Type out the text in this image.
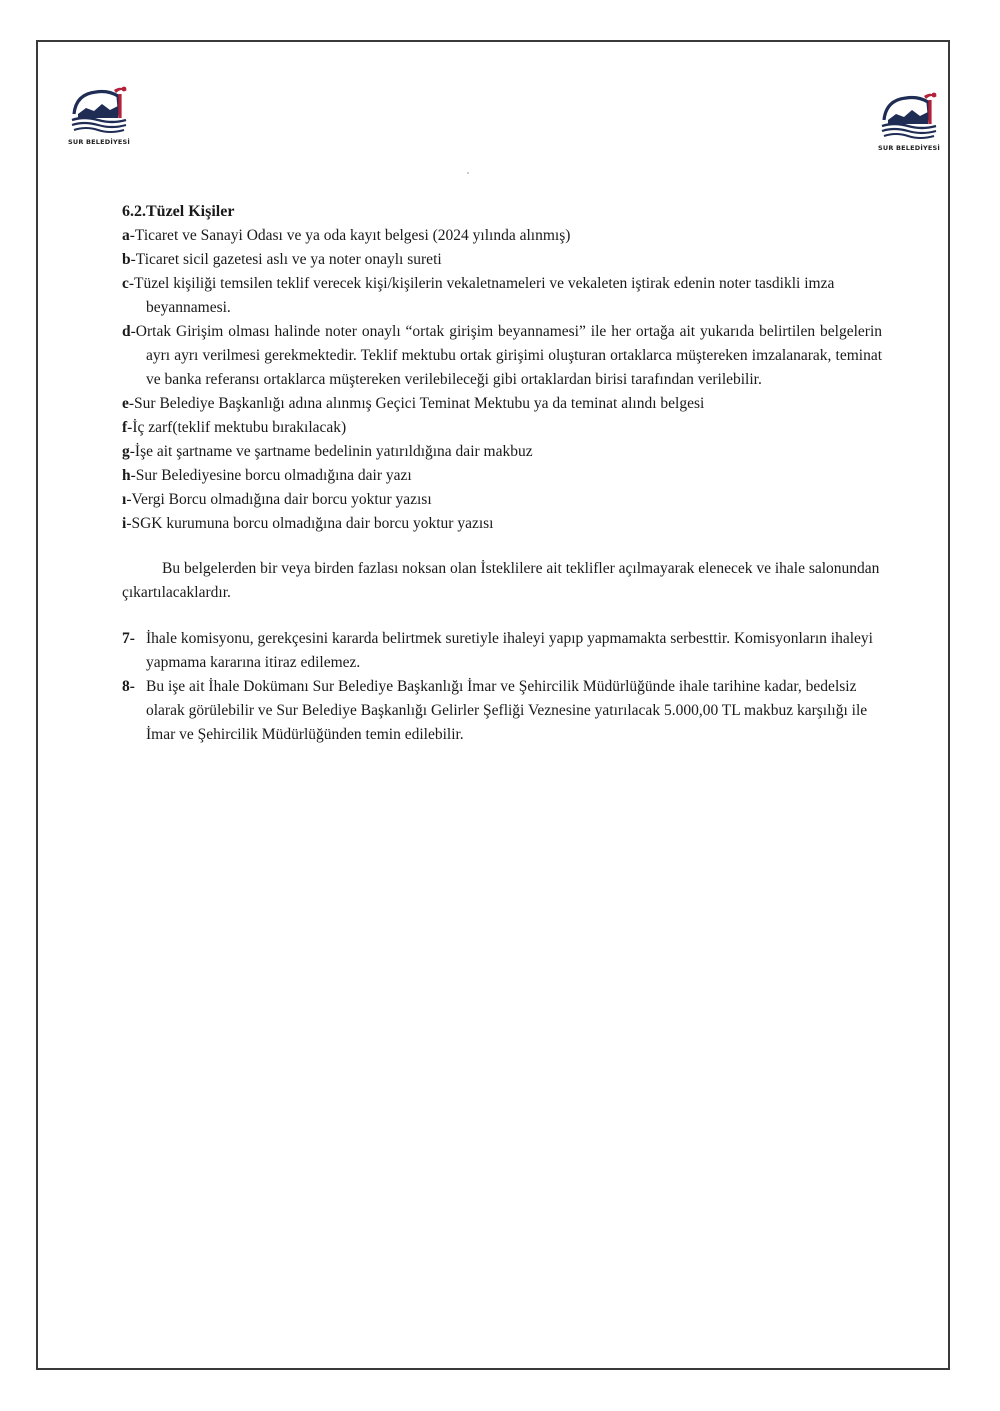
SUR BELEDİYESİ
SUR BELEDİYESİ

6.2.Tüzel Kişiler

a-Ticaret ve Sanayi Odası ve ya oda kayıt belgesi (2024 yılında alınmış)

b-Ticaret sicil gazetesi aslı ve ya noter onaylı sureti

c-Tüzel kişiliği temsilen teklif verecek kişi/kişilerin vekaletnameleri ve vekaleten iştirak edenin noter tasdikli imza beyannamesi.

d-Ortak Girişim olması halinde noter onaylı “ortak girişim beyannamesi” ile her ortağa ait yukarıda belirtilen belgelerin ayrı ayrı verilmesi gerekmektedir. Teklif mektubu ortak girişimi oluşturan ortaklarca müştereken imzalanarak, teminat ve banka referansı ortaklarca müştereken verilebileceği gibi ortaklardan birisi tarafından verilebilir.

e-Sur Belediye Başkanlığı adına alınmış Geçici Teminat Mektubu ya da teminat alındı belgesi

f-İç zarf(teklif mektubu bırakılacak)

g-İşe ait şartname ve şartname bedelinin yatırıldığına dair makbuz

h-Sur Belediyesine borcu olmadığına dair yazı

ı-Vergi Borcu olmadığına dair borcu yoktur yazısı

i-SGK kurumuna borcu olmadığına dair borcu yoktur yazısı

Bu belgelerden bir veya birden fazlası noksan olan İsteklilere ait teklifler açılmayarak elenecek ve ihale salonundan çıkartılacaklardır.

7- İhale komisyonu, gerekçesini kararda belirtmek suretiyle ihaleyi yapıp yapmamakta serbesttir. Komisyonların ihaleyi yapmama kararına itiraz edilemez.

8- Bu işe ait İhale Dokümanı Sur Belediye Başkanlığı İmar ve Şehircilik Müdürlüğünde ihale tarihine kadar, bedelsiz olarak görülebilir ve Sur Belediye Başkanlığı Gelirler Şefliği Veznesine yatırılacak 5.000,00 TL makbuz karşılığı ile İmar ve Şehircilik Müdürlüğünden temin edilebilir.
